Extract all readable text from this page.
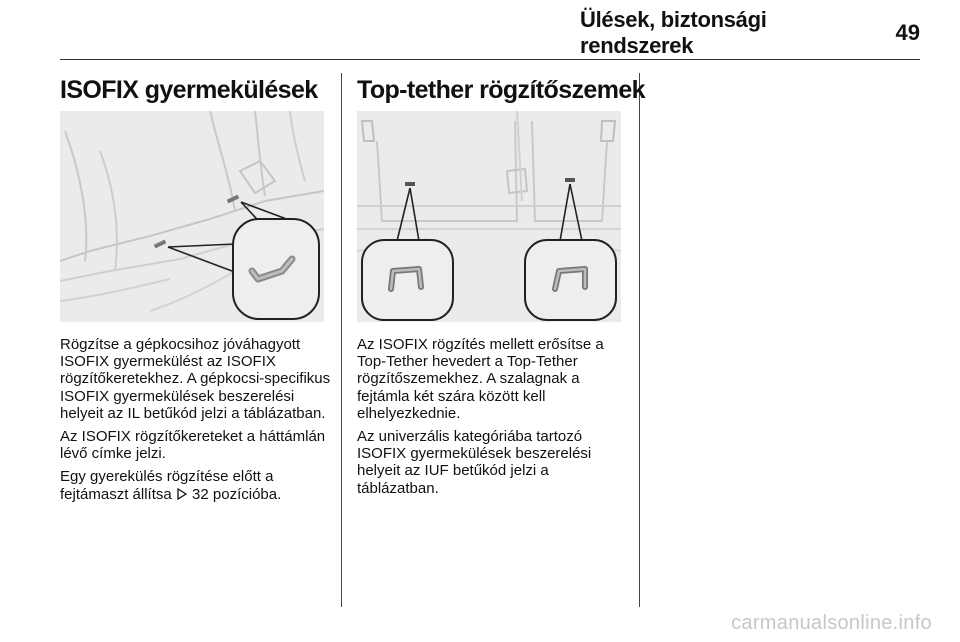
Ülések, biztonsági rendszerek
49
ISOFIX gyermekülések

Rögzítse a gépkocsihoz jóváhagyott ISOFIX gyermekülést az ISOFIX rögzítőkeretekhez. A gépkocsi-specifikus ISOFIX gyermekülések beszerelési helyeit az IL betűkód jelzi a táblázatban.

Az ISOFIX rögzítőkereteket a háttámlán lévő címke jelzi.

Egy gyerekülés rögzítése előtt a fejtámaszt állítsa  32 pozícióba.

Top-tether rögzítőszemek

Az ISOFIX rögzítés mellett erősítse a Top-Tether hevedert a Top-Tether rögzítőszemekhez. A szalagnak a fejtámla két szára között kell elhelyezkednie.

Az univerzális kategóriába tartozó ISOFIX gyermekülések beszerelési helyeit az IUF betűkód jelzi a táblázatban.

carmanualsonline.info
